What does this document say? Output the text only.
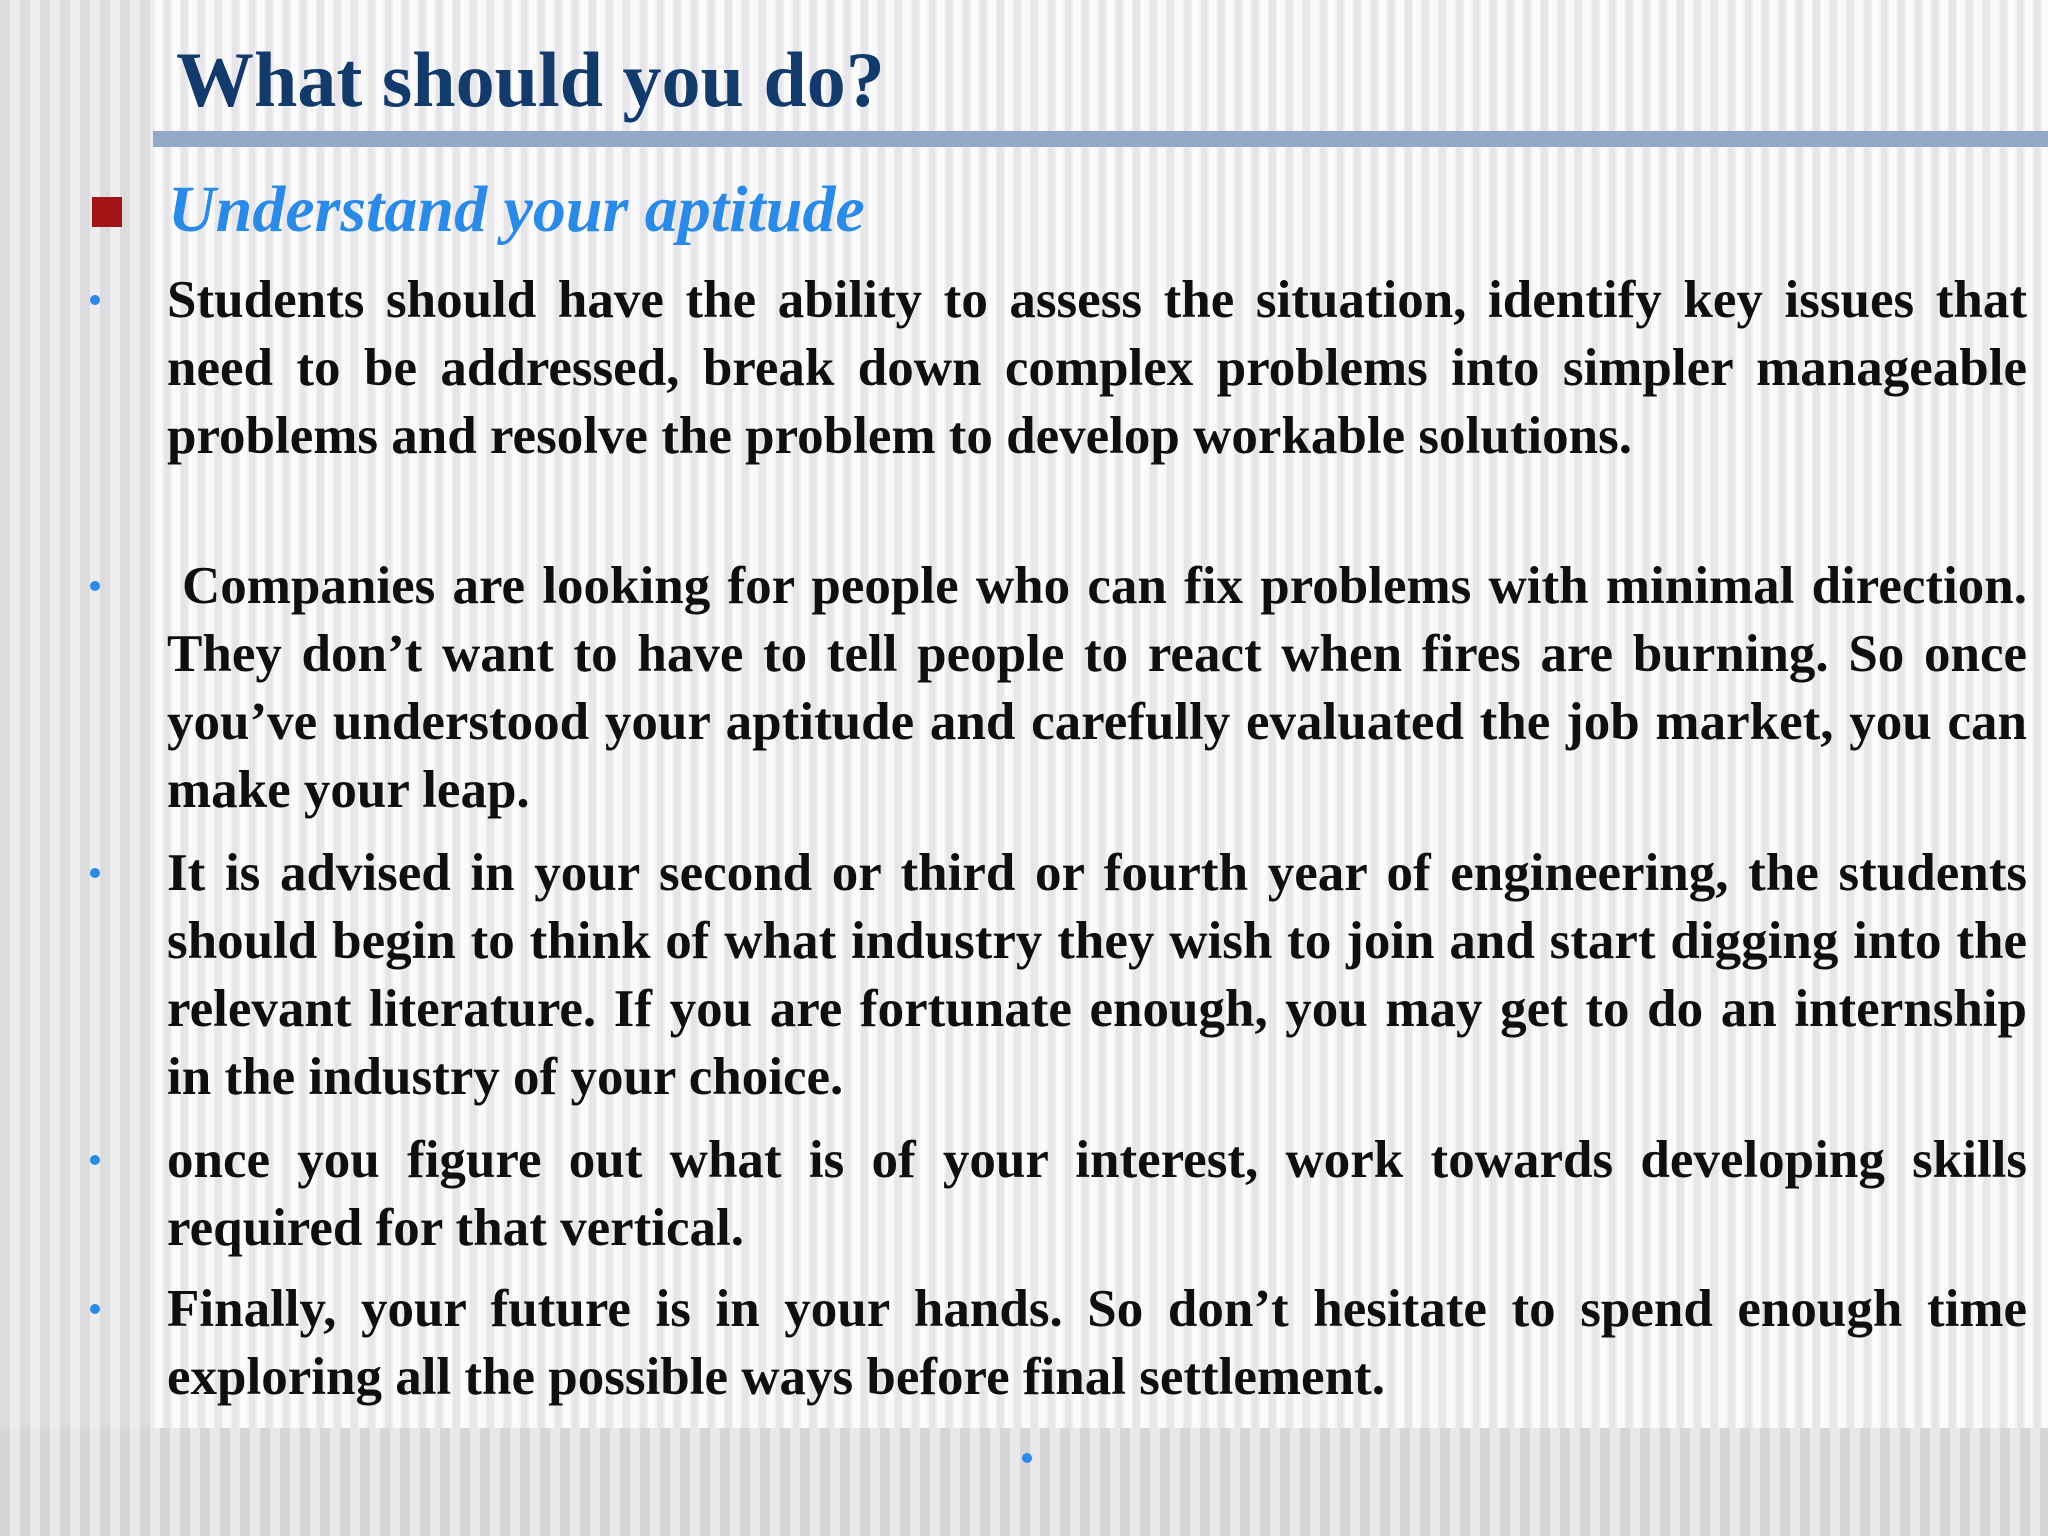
What should you do?
Understand your aptitude

Students should have the ability to assess the situation, identify key issues that need to be addressed, break down complex problems into simpler manageable problems and resolve the problem to develop workable solutions.

Companies are looking for people who can fix problems with minimal direction. They don’t want to have to tell people to react when fires are burning. So once you’ve understood your aptitude and carefully evaluated the job market, you can make your leap.

It is advised in your second or third or fourth year of engineering, the students should begin to think of what industry they wish to join and start digging into the relevant literature. If you are fortunate enough, you may get to do an internship in the industry of your choice.

once you figure out what is of your interest, work towards developing skills required for that vertical.

Finally, your future is in your hands. So don’t hesitate to spend enough time exploring all the possible ways before final settlement.
